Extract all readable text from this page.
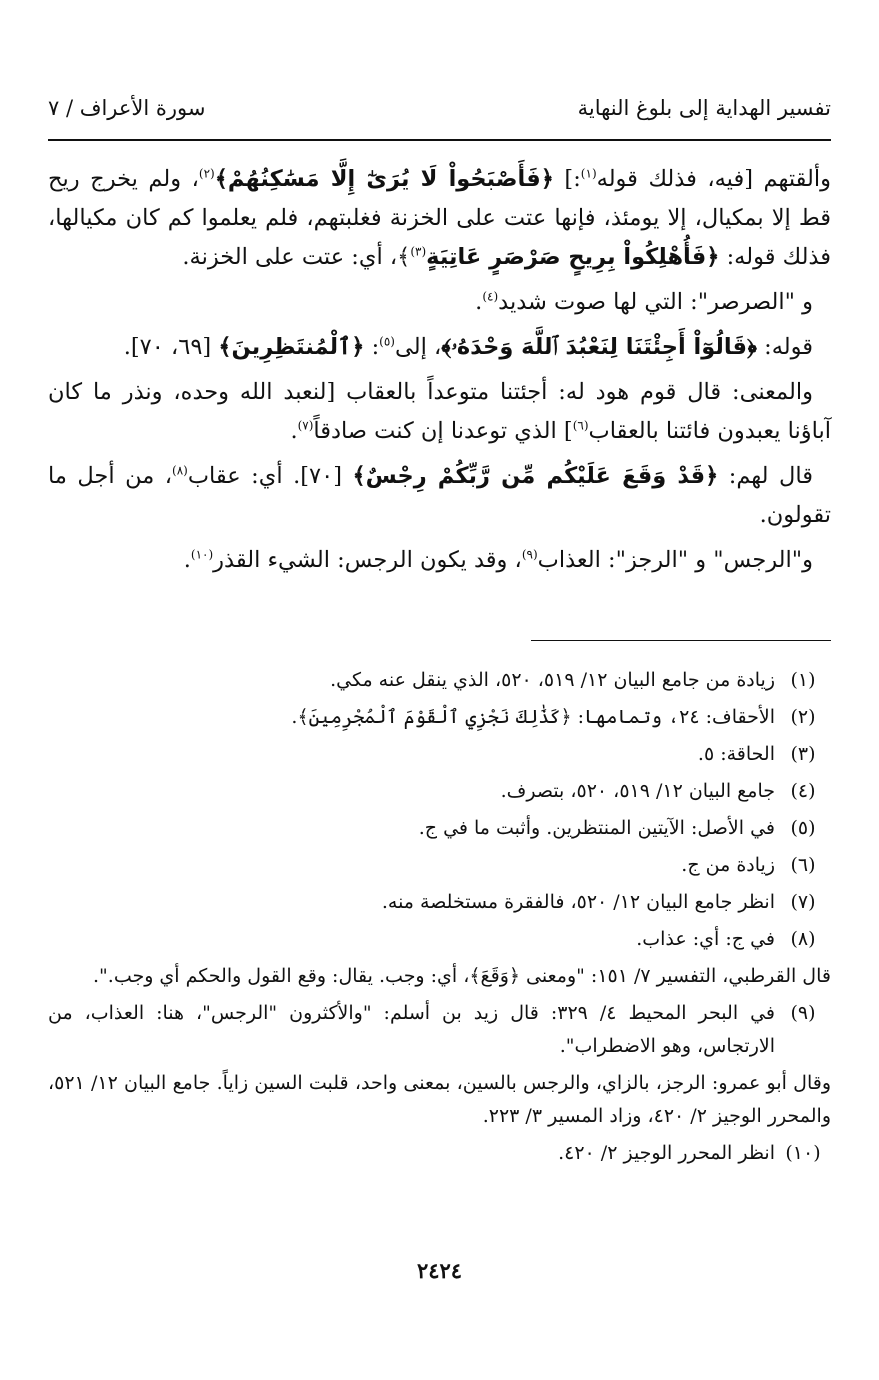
تفسير الهداية إلى بلوغ النهاية
سورة الأعراف / ٧

وألقتهم [فيه، فذلك قوله$^{(١)}$:] ﴿فَأَصْبَحُواْ لَا يُرَىٰٓ إِلَّا مَسَٰكِنُهُمْ﴾$^{(٢)}$، ولم يخرج ريح قط إلا بمكيال، إلا يومئذ، فإنها عتت على الخزنة فغلبتهم، فلم يعلموا كم كان مكيالها، فذلك قوله: ﴿فَأُهْلِكُواْ بِرِيحٍ صَرْصَرٍ عَاتِيَةٍ$^{(٣)}$﴾، أي: عتت على الخزنة.

و "الصرصر": التي لها صوت شديد$^{(٤)}$.

قوله: ﴿قَالُوٓاْ أَجِئْتَنَا لِنَعْبُدَ ٱللَّهَ وَحْدَهُۥ﴾، إلى$^{(٥)}$: ﴿ٱلْمُنتَظِرِينَ﴾ [٦٩، ٧٠].

والمعنى: قال قوم هود له: أجئتنا متوعداً بالعقاب [لنعبد الله وحده، ونذر ما كان آباؤنا يعبدون فائتنا بالعقاب$^{(٦)}$] الذي توعدنا إن كنت صادقاً$^{(٧)}$.

قال لهم: ﴿قَدْ وَقَعَ عَلَيْكُم مِّن رَّبِّكُمْ رِجْسٌ﴾ [٧٠]. أي: عقاب$^{(٨)}$، من أجل ما تقولون.

و"الرجس" و "الرجز": العذاب$^{(٩)}$، وقد يكون الرجس: الشيء القذر$^{(١٠)}$.

(١)
زيادة من جامع البيان ١٢/ ٥١٩، ٥٢٠، الذي ينقل عنه مكي.
(٢)
الأحقاف: ٢٤، وتمامها: ﴿كَذَٰلِكَ نَجْزِي ٱلْقَوْمَ ٱلْمُجْرِمِينَ﴾.
(٣)
الحاقة: ٥.
(٤)
جامع البيان ١٢/ ٥١٩، ٥٢٠، بتصرف.
(٥)
في الأصل: الآيتين المنتظرين. وأثبت ما في ج.
(٦)
زيادة من ج.
(٧)
انظر جامع البيان ١٢/ ٥٢٠، فالفقرة مستخلصة منه.
(٨)
في ج: أي: عذاب.
قال القرطبي، التفسير ٧/ ١٥١: "ومعنى ﴿وَقَعَ﴾، أي: وجب. يقال: وقع القول والحكم أي وجب.".
(٩)
في البحر المحيط ٤/ ٣٢٩: قال زيد بن أسلم: "والأكثرون "الرجس"، هنا: العذاب، من الارتجاس، وهو الاضطراب".
وقال أبو عمرو: الرجز، بالزاي، والرجس بالسين، بمعنى واحد، قلبت السين زاياً. جامع البيان ١٢/ ٥٢١، والمحرر الوجيز ٢/ ٤٢٠، وزاد المسير ٣/ ٢٢٣.
(١٠)
انظر المحرر الوجيز ٢/ ٤٢٠.
٢٤٢٤
